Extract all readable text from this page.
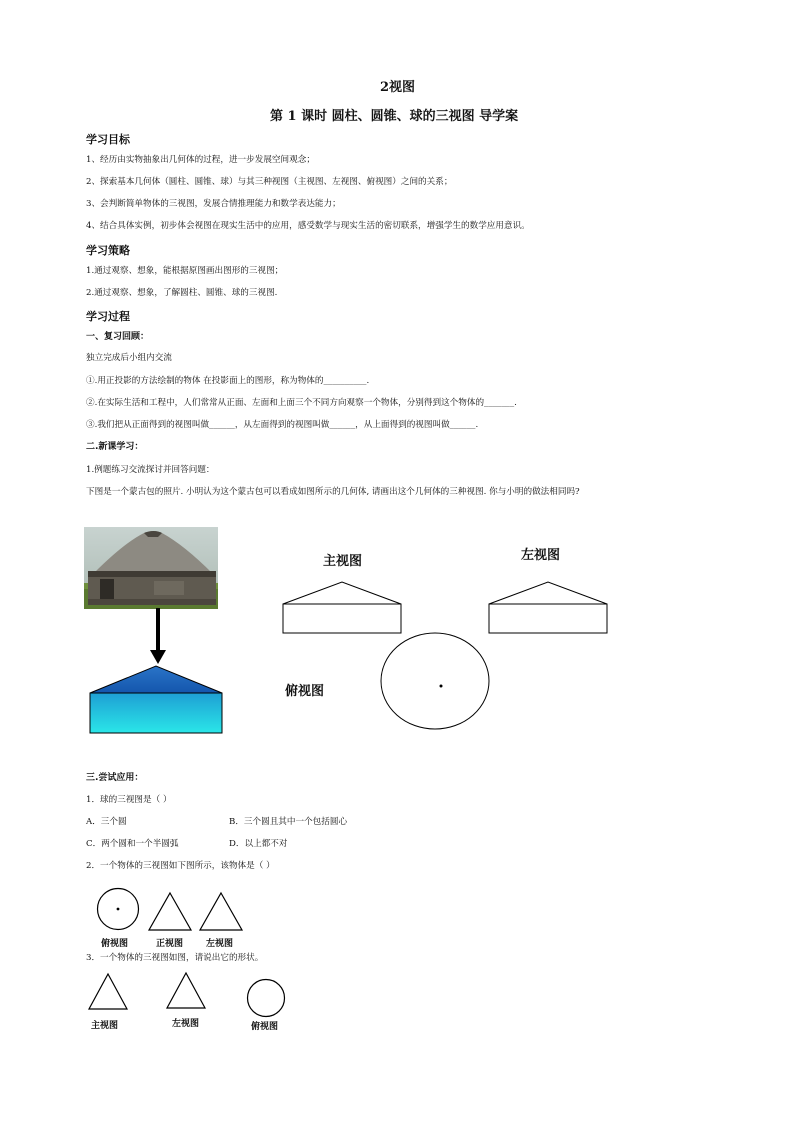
2视图
第 1 课时 圆柱、圆锥、球的三视图 导学案
学习目标
1、经历由实物抽象出几何体的过程，进一步发展空间观念；
2、探索基本几何体（圆柱、圆锥、球）与其三种视图（主视图、左视图、俯视图）之间的关系；
3、会判断简单物体的三视图，发展合情推理能力和数学表达能力；
4、结合具体实例，初步体会视图在现实生活中的应用，感受数学与现实生活的密切联系，增强学生的数学应用意识。
学习策略
1.通过观察、想象，能根据原图画出图形的三视图；
2.通过观察、想象，了解圆柱、圆锥、球的三视图.
学习过程
一、复习回顾：
独立完成后小组内交流
①.用正投影的方法绘制的物体 在投影面上的图形，称为物体的__________.
②.在实际生活和工程中，人们常常从正面、左面和上面三个不同方向观察一个物体，分别得到这个物体的_______.
③.我们把从正面得到的视图叫做______，从左面得到的视图叫做______，从上面得到的视图叫做______.
二.新课学习：
1.例题练习交流探讨并回答问题：
下图是一个蒙古包的照片. 小明认为这个蒙古包可以看成如图所示的几何体, 请画出这个几何体的三种视图. 你与小明的做法相同吗?
主视图	左视图
俯视图
三.尝试应用：
1．球的三视图是（ ）
A．三个圆	B．三个圆且其中一个包括圆心
C．两个圆和一个半圆弧	D．以上都不对
2．一个物体的三视图如下图所示，该物体是（ ）
俯视图	正视图	左视图
3．一个物体的三视图如图，请说出它的形状。
主视图	左视图	俯视图
